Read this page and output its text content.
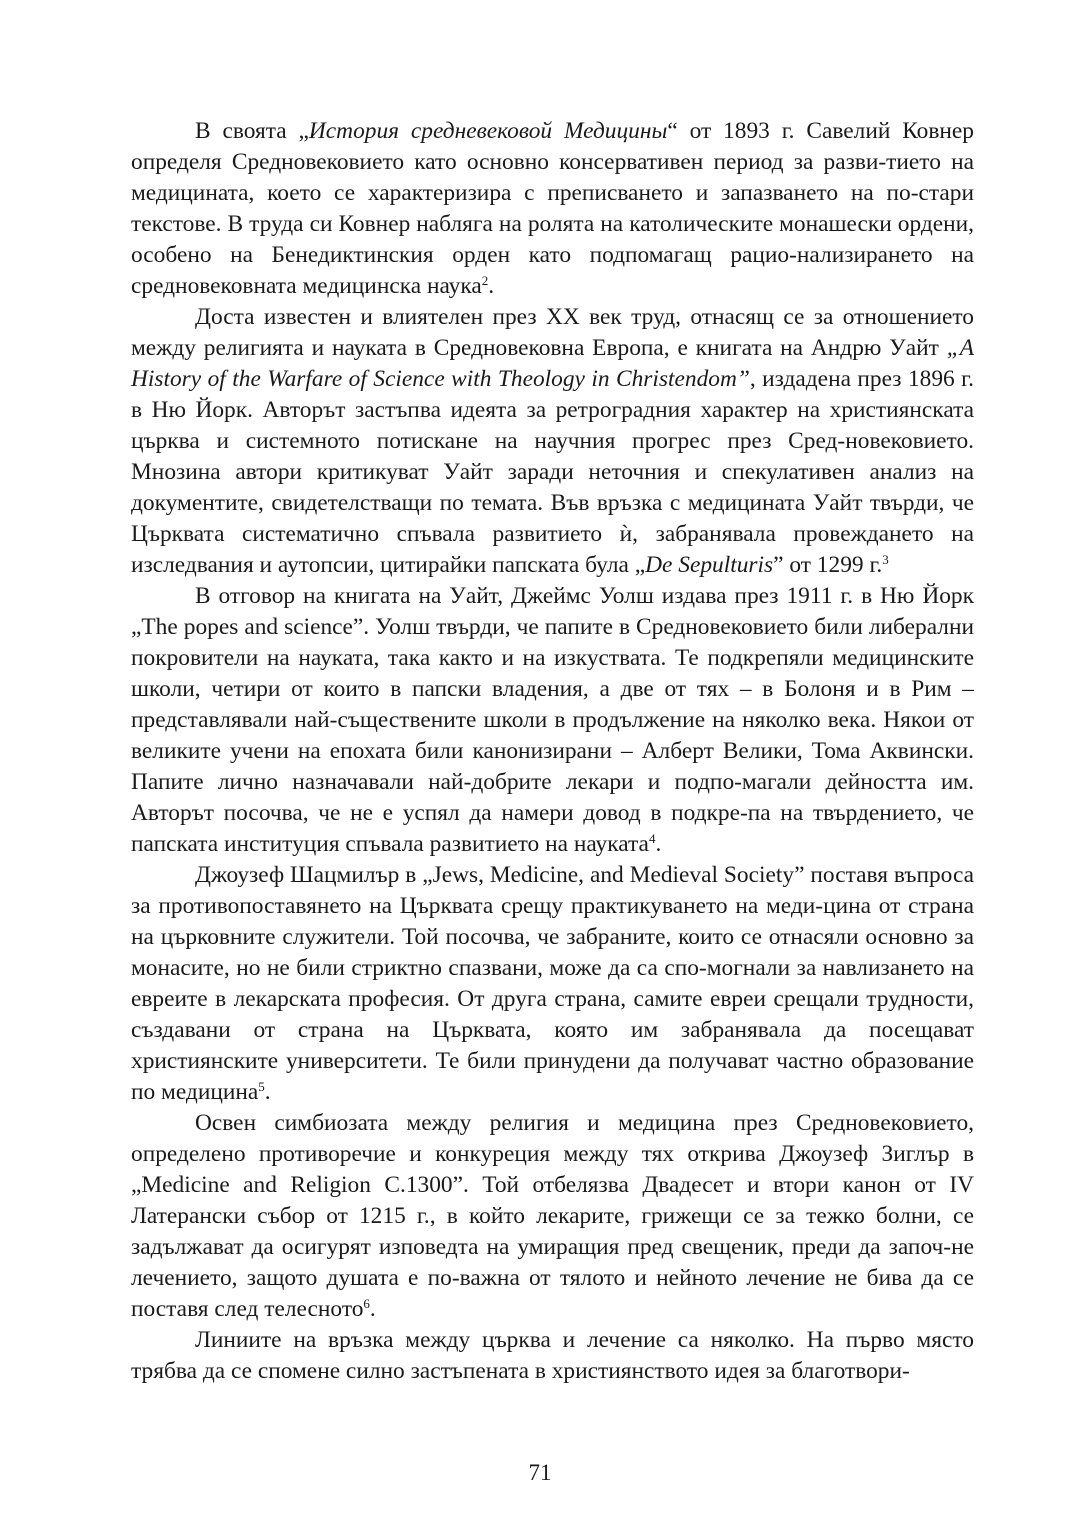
В своята „История средневековой Медицины“ от 1893 г. Савелий Ковнер определя Средновековието като основно консервативен период за разви-тието на медицината, което се характеризира с преписването и запазването на по-стари текстове. В труда си Ковнер набляга на ролята на католическите монашески ордени, особено на Бенедиктинския орден като подпомагащ рацио-нализирането на средновековната медицинска наука$^2$.

Доста известен и влиятелен през XX век труд, отнасящ се за отношението между религията и науката в Средновековна Европа, е книгата на Андрю Уайт „A History of the Warfare of Science with Theology in Christendom”, издадена през 1896 г. в Ню Йорк. Авторът застъпва идеята за ретроградния характер на християнската църква и системното потискане на научния прогрес през Сред-новековието. Мнозина автори критикуват Уайт заради неточния и спекулативен анализ на документите, свидетелстващи по темата. Във връзка с медицината Уайт твърди, че Църквата систематично спъвала развитието ѝ, забранявала провеждането на изследвания и аутопсии, цитирайки папската була „De Sepulturis” от 1299 г.$^3$

В отговор на книгата на Уайт, Джеймс Уолш издава през 1911 г. в Ню Йорк „The popes and science”. Уолш твърди, че папите в Средновековието били либерални покровители на науката, така както и на изкуствата. Те подкрепяли медицинските школи, четири от които в папски владения, а две от тях – в Болоня и в Рим – представлявали най-съществените школи в продължение на няколко века. Някои от великите учени на епохата били канонизирани – Алберт Велики, Тома Аквински. Папите лично назначавали най-добрите лекари и подпо-магали дейността им. Авторът посочва, че не е успял да намери довод в подкре-па на твърдението, че папската институция спъвала развитието на науката$^4$.

Джоузеф Шацмилър в „Jews, Medicine, and Medieval Society” поставя въпроса за противопоставянето на Църквата срещу практикуването на меди-цина от страна на църковните служители. Той посочва, че забраните, които се отнасяли основно за монасите, но не били стриктно спазвани, може да са спо-могнали за навлизането на евреите в лекарската професия. От друга страна, самите евреи срещали трудности, създавани от страна на Църквата, която им забранявала да посещават християнските университети. Те били принудени да получават частно образование по медицина$^5$.

Освен симбиозата между религия и медицина през Средновековието, определено противоречие и конкуреция между тях открива Джоузеф Зиглър в „Medicine and Religion C.1300”. Той отбелязва Двадесет и втори канон от IV Латерански събор от 1215 г., в който лекарите, грижещи се за тежко болни, се задължават да осигурят изповедта на умиращия пред свещеник, преди да започ-не лечението, защото душата е по-важна от тялото и нейното лечение не бива да се поставя след телесното$^6$.

Линиите на връзка между църква и лечение са няколко. На първо място трябва да се спомене силно застъпената в християнството идея за благотвори-

71
